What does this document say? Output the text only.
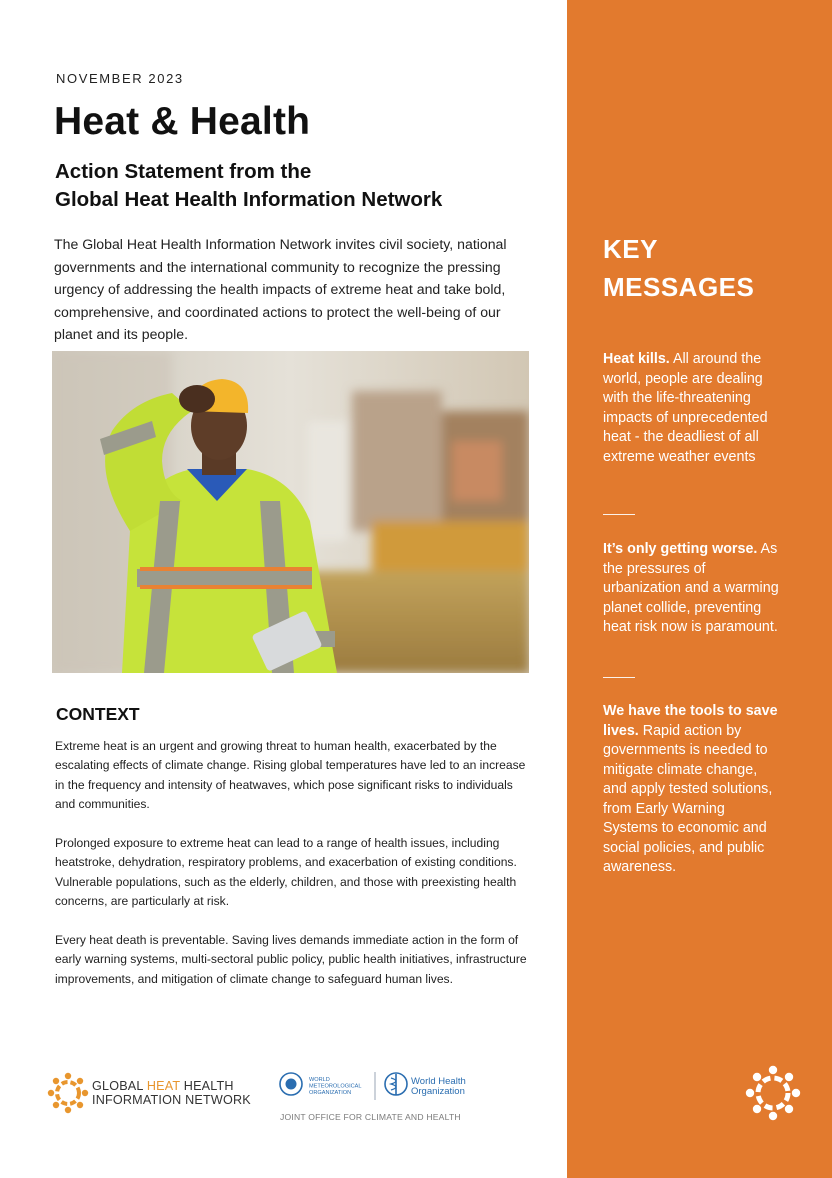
NOVEMBER 2023
Heat & Health
Action Statement from the
Global Heat Health Information Network
The Global Heat Health Information Network invites civil society, national governments and the international community to recognize the pressing urgency of addressing the health impacts of extreme heat and take bold, comprehensive, and coordinated actions to protect the well-being of our planet and its people.
CONTEXT

Extreme heat is an urgent and growing threat to human health, exacerbated by the escalating effects of climate change. Rising global temperatures have led to an increase in the frequency and intensity of heatwaves, which pose significant risks to individuals and communities.

Prolonged exposure to extreme heat can lead to a range of health issues, including heatstroke, dehydration, respiratory problems, and exacerbation of existing conditions. Vulnerable populations, such as the elderly, children, and those with preexisting health concerns, are particularly at risk.

Every heat death is preventable. Saving lives demands immediate action in the form of early warning systems, multi-sectoral public policy, public health initiatives, infrastructure improvements, and mitigation of climate change to safeguard human lives.

KEY
MESSAGES
Heat kills. All around the world, people are dealing with the life-threatening impacts of unprecedented heat - the deadliest of all extreme weather events
It’s only getting worse. As the pressures of urbanization and a warming planet collide, preventing heat risk now is paramount.
We have the tools to save lives. Rapid action by governments is needed to mitigate climate change, and apply tested solutions, from Early Warning Systems to economic and social policies, and public awareness.
GLOBAL HEAT HEALTH
INFORMATION NETWORK
WORLD
METEOROLOGICAL
ORGANIZATION
World Health
Organization
JOINT OFFICE FOR CLIMATE AND HEALTH
